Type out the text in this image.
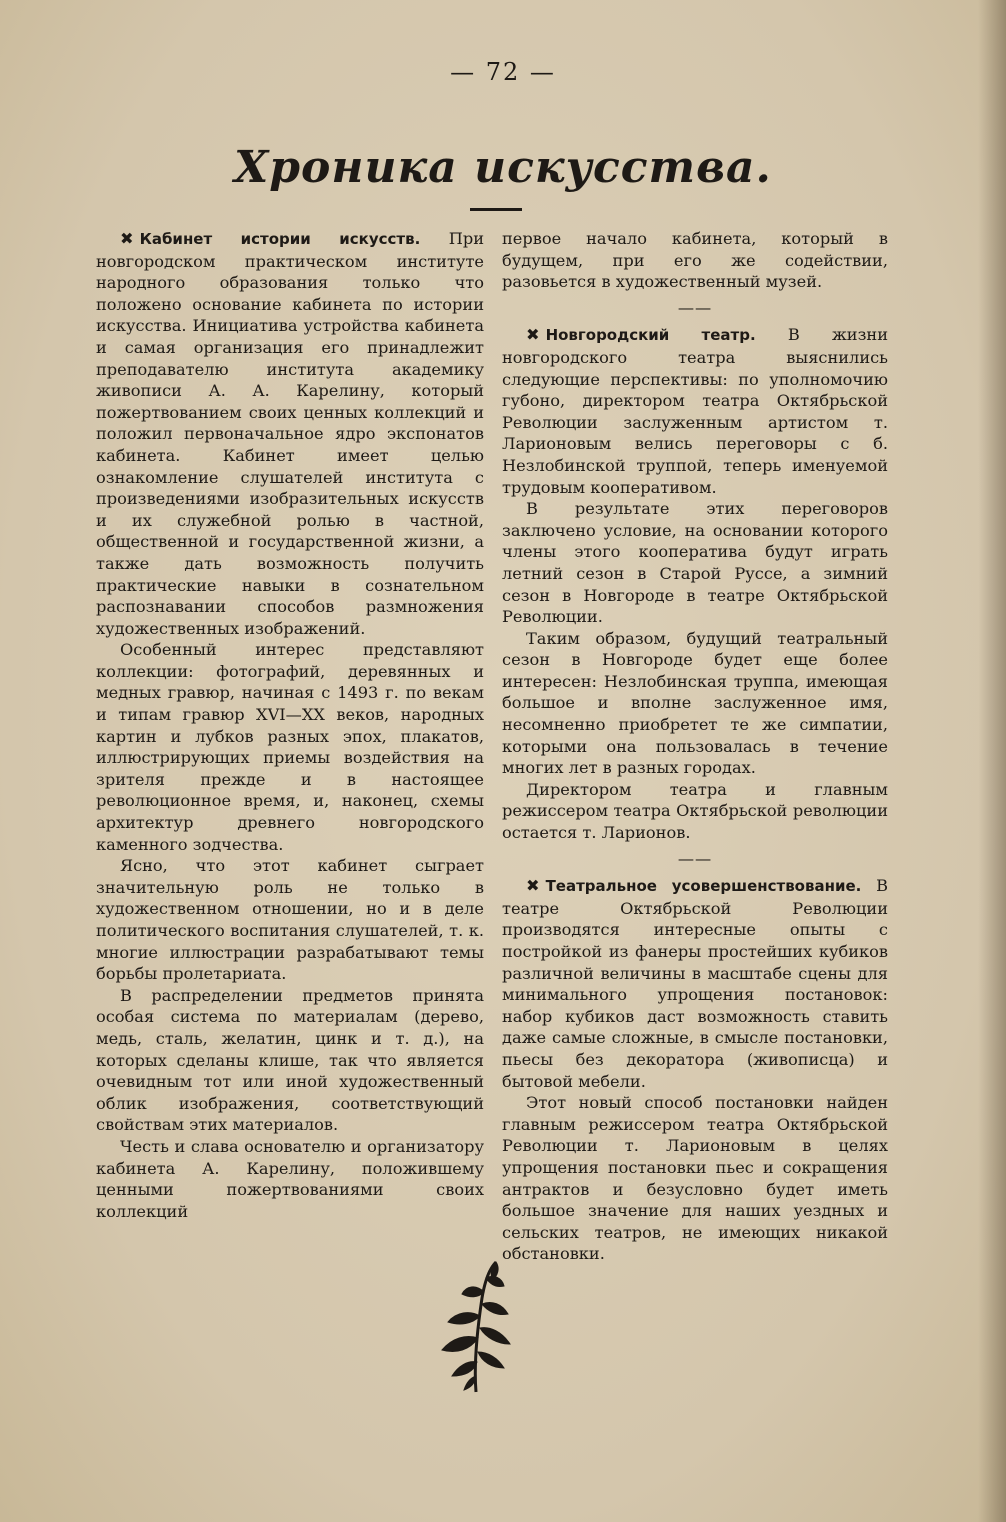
— 72 —
Хроника искусства.

✖ Кабинет истории искусств. При новгородском практическом институте народного образования только что положено основание кабинета по истории искусства. Инициатива устройства кабинета и самая организация его принадлежит преподавателю института академику живописи А. А. Карелину, который пожертвованием своих ценных коллекций и положил первоначальное ядро экспонатов кабинета. Кабинет имеет целью ознакомление слушателей института с произведениями изобразительных искусств и их служебной ролью в частной, общественной и государственной жизни, а также дать возможность получить практические навыки в сознательном распознавании способов размножения художественных изображений.

Особенный интерес представляют коллекции: фотографий, деревянных и медных гравюр, начиная с 1493 г. по векам и типам гравюр XVI—XX веков, народных картин и лубков разных эпох, плакатов, иллюстрирующих приемы воздействия на зрителя прежде и в настоящее революционное время, и, наконец, схемы архитектур древнего новгородского каменного зодчества.

Ясно, что этот кабинет сыграет значительную роль не только в художественном отношении, но и в деле политического воспитания слушателей, т. к. многие иллюстрации разрабатывают темы борьбы пролетариата.

В распределении предметов принята особая система по материалам (дерево, медь, сталь, желатин, цинк и т. д.), на которых сделаны клише, так что является очевидным тот или иной художественный облик изображения, соответствующий свойствам этих материалов.

Честь и слава основателю и организатору кабинета А. Карелину, положившему ценными пожертвованиями своих коллекций

первое начало кабинета, который в будущем, при его же содействии, разовьется в художественный музей.

——

✖ Новгородский театр. В жизни новгородского театра выяснились следующие перспективы: по уполномочию губоно, директором театра Октябрьской Революции заслуженным артистом т. Ларионовым велись переговоры с б. Незлобинской труппой, теперь именуемой трудовым кооперативом.

В результате этих переговоров заключено условие, на основании которого члены этого кооператива будут играть летний сезон в Старой Руссе, а зимний сезон в Новгороде в театре Октябрьской Революции.

Таким образом, будущий театральный сезон в Новгороде будет еще более интересен: Незлобинская труппа, имеющая большое и вполне заслуженное имя, несомненно приобретет те же симпатии, которыми она пользовалась в течение многих лет в разных городах.

Директором театра и главным режиссером театра Октябрьской революции остается т. Ларионов.

——

✖ Театральное усовершенствование. В театре Октябрьской Революции производятся интересные опыты с постройкой из фанеры простейших кубиков различной величины в масштабе сцены для минимального упрощения постановок: набор кубиков даст возможность ставить даже самые сложные, в смысле постановки, пьесы без декоратора (живописца) и бытовой мебели.

Этот новый способ постановки найден главным режиссером театра Октябрьской Революции т. Ларионовым в целях упрощения постановки пьес и сокращения антрактов и безусловно будет иметь большое значение для наших уездных и сельских театров, не имеющих никакой обстановки.
